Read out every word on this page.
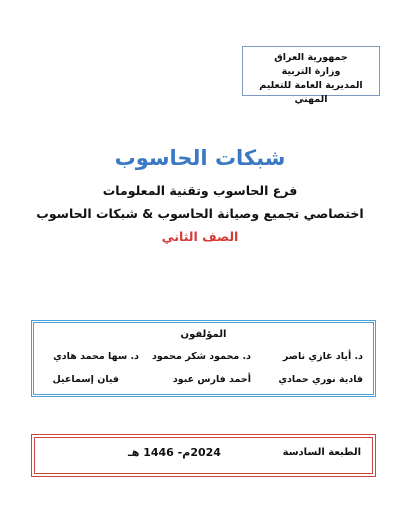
جمهورية العراق
وزارة التربية
المديرية العامة للتعليم المهني
شبكات الحاسوب
فرع الحاسوب وتقنية المعلومات
اختصاصي تجميع وصيانة الحاسوب & شبكات الحاسوب
الصف الثاني
المؤلفون
د. أياد غازي ناصر
د. محمود شكر محمود
د. سها محمد هادي
فادية نوري حمادي
أحمد فارس عبود
فيان إسماعيل
الطبعة السادسة
2024م- 1446 هـ
